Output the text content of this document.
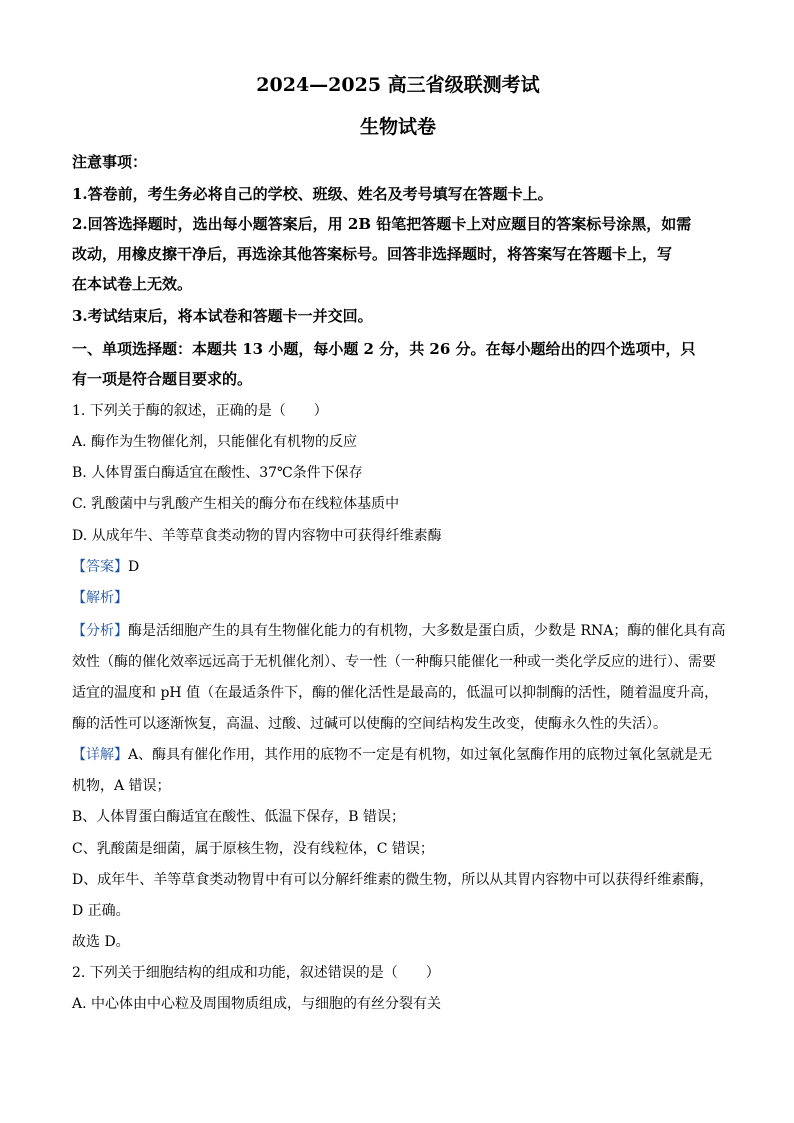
2024—2025 高三省级联测考试
生物试卷
注意事项：
1.答卷前，考生务必将自己的学校、班级、姓名及考号填写在答题卡上。
2.回答选择题时，选出每小题答案后，用 2B 铅笔把答题卡上对应题目的答案标号涂黑，如需
改动，用橡皮擦干净后，再选涂其他答案标号。回答非选择题时，将答案写在答题卡上，写
在本试卷上无效。
3.考试结束后，将本试卷和答题卡一并交回。
一、单项选择题：本题共 13 小题，每小题 2 分，共 26 分。在每小题给出的四个选项中，只
有一项是符合题目要求的。
1. 下列关于酶的叙述，正确的是（　　）
A. 酶作为生物催化剂，只能催化有机物的反应
B. 人体胃蛋白酶适宜在酸性、37℃条件下保存
C. 乳酸菌中与乳酸产生相关的酶分布在线粒体基质中
D. 从成年牛、羊等草食类动物的胃内容物中可获得纤维素酶
【答案】D
【解析】
【分析】酶是活细胞产生的具有生物催化能力的有机物，大多数是蛋白质，少数是 RNA；酶的催化具有高
效性（酶的催化效率远远高于无机催化剂）、专一性（一种酶只能催化一种或一类化学反应的进行）、需要
适宜的温度和 pH 值（在最适条件下，酶的催化活性是最高的，低温可以抑制酶的活性，随着温度升高，
酶的活性可以逐渐恢复，高温、过酸、过碱可以使酶的空间结构发生改变，使酶永久性的失活）。
【详解】A、酶具有催化作用，其作用的底物不一定是有机物，如过氧化氢酶作用的底物过氧化氢就是无
机物，A 错误；
B、人体胃蛋白酶适宜在酸性、低温下保存，B 错误；
C、乳酸菌是细菌，属于原核生物，没有线粒体，C 错误；
D、成年牛、羊等草食类动物胃中有可以分解纤维素的微生物，所以从其胃内容物中可以获得纤维素酶，
D 正确。
故选 D。
2. 下列关于细胞结构的组成和功能，叙述错误的是（　　）
A. 中心体由中心粒及周围物质组成，与细胞的有丝分裂有关
